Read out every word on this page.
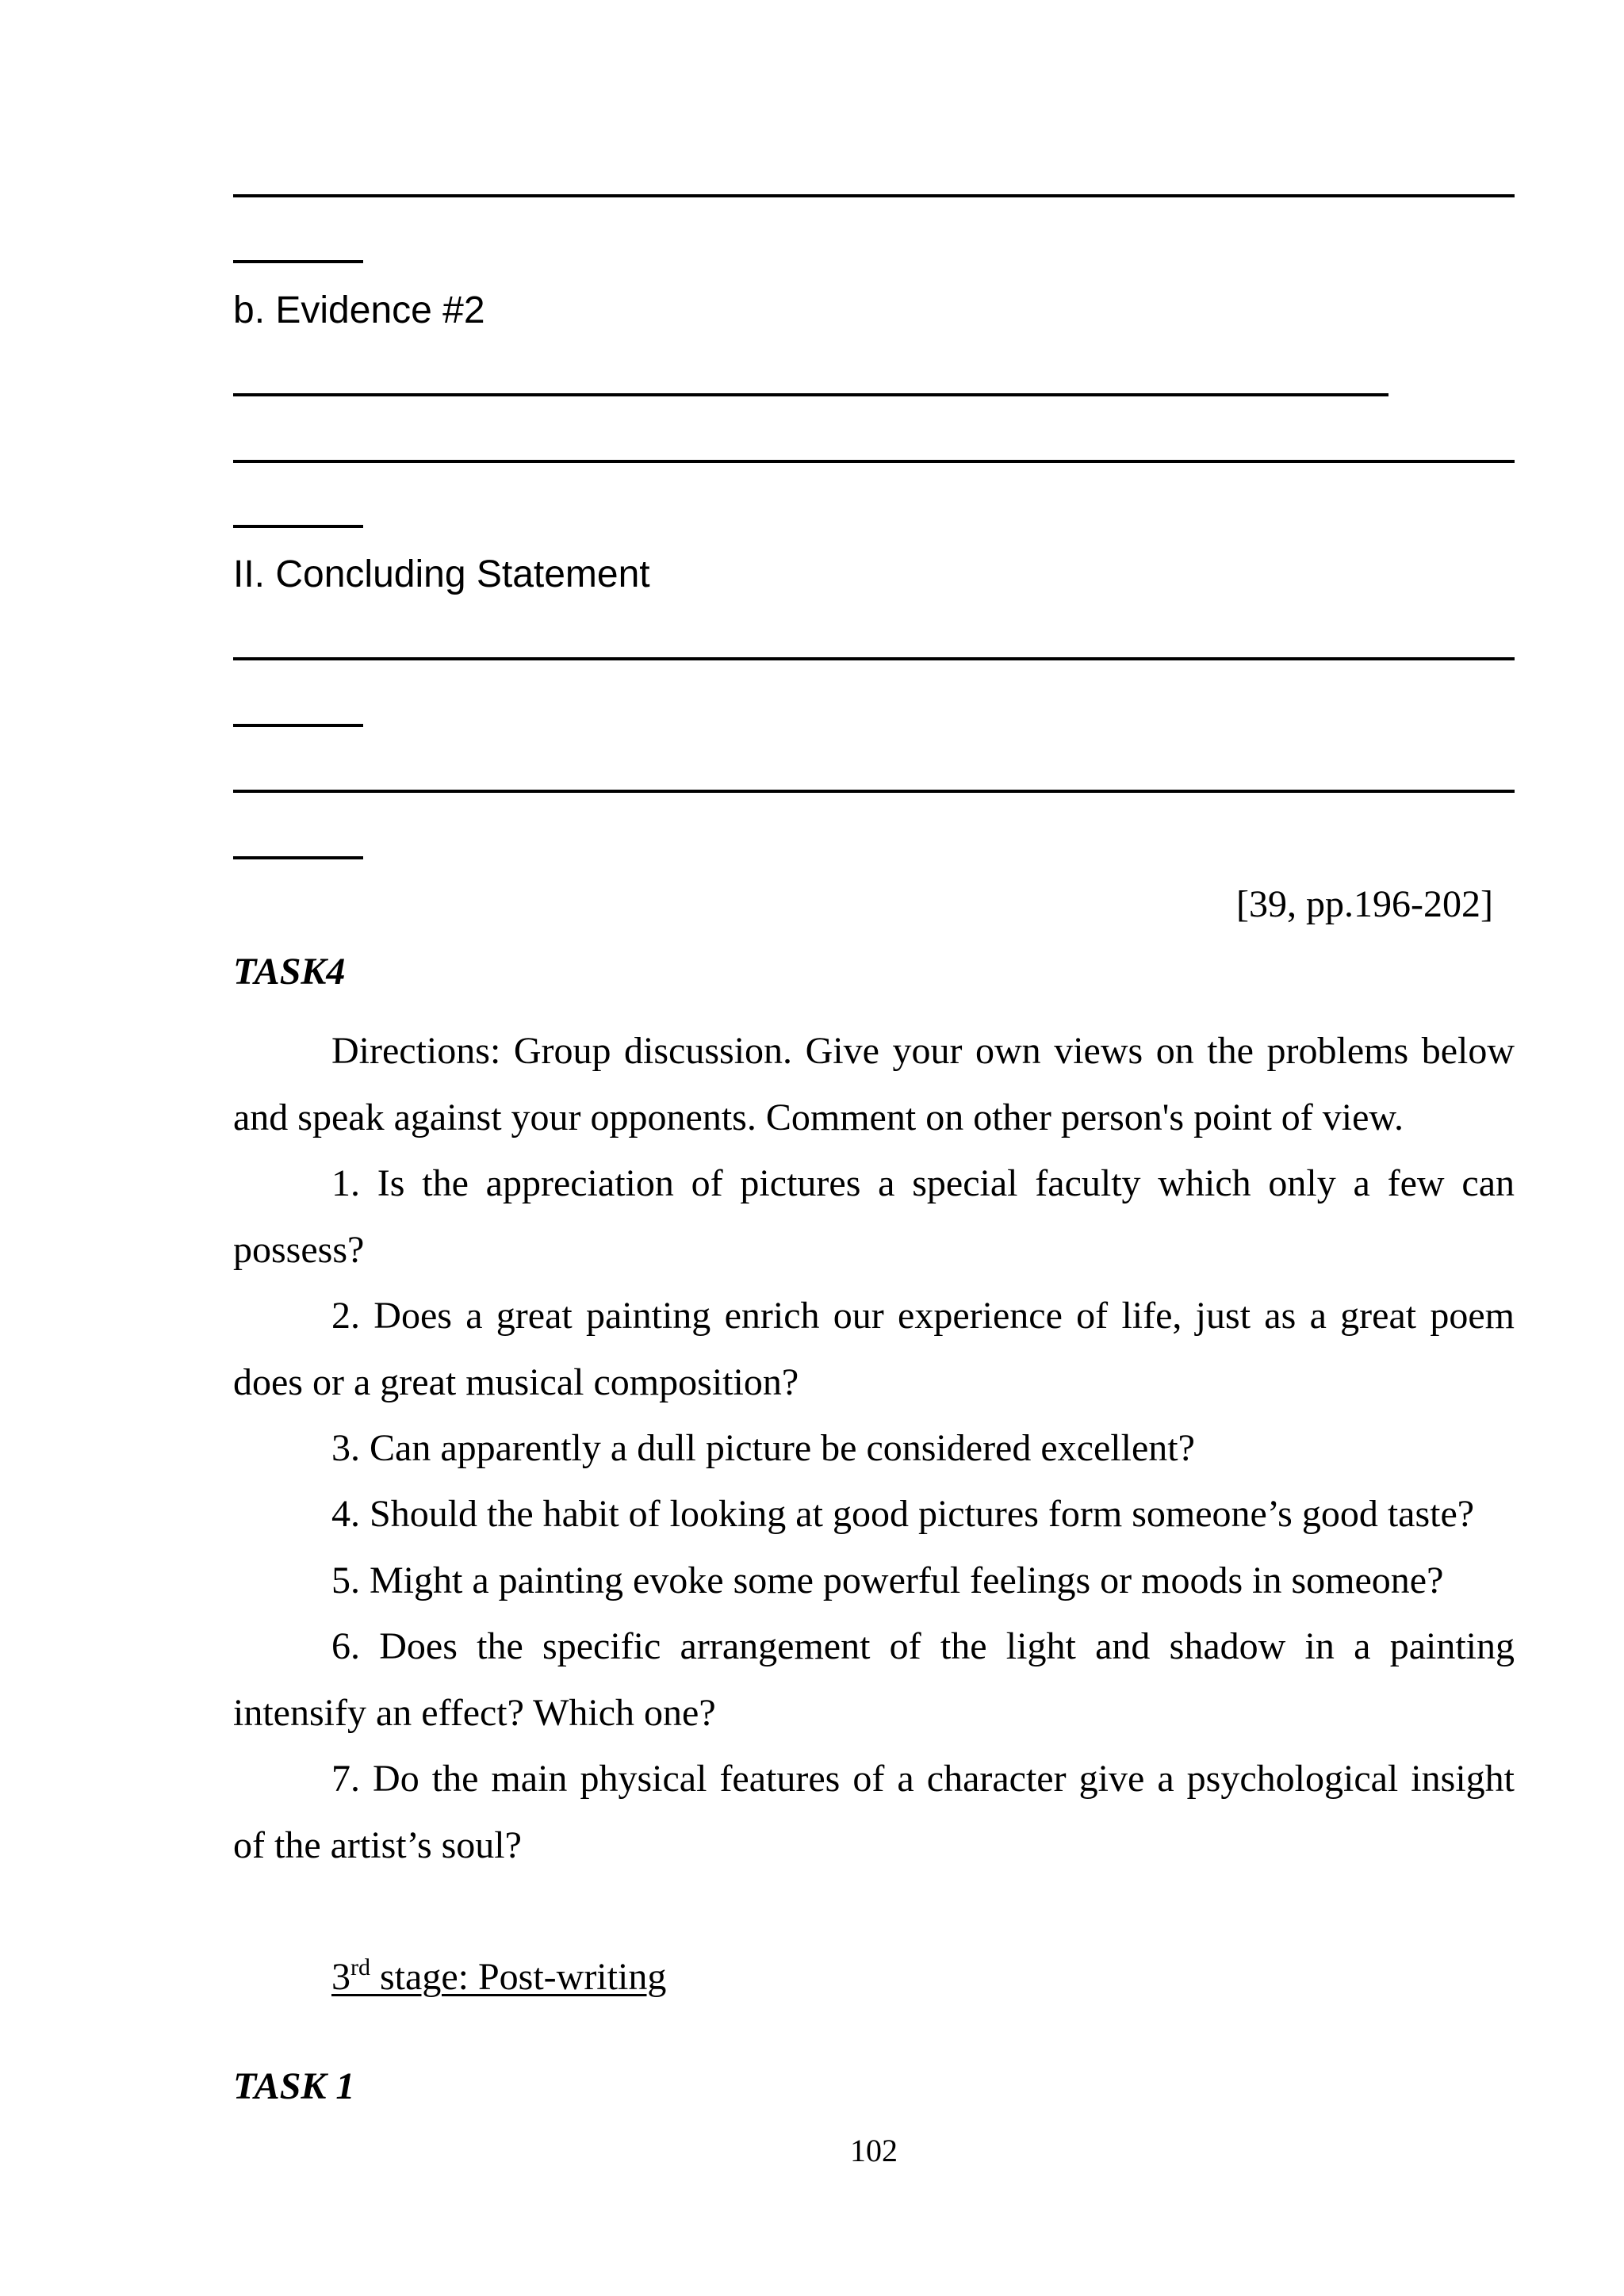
b. Evidence #2
II. Concluding Statement
[39, pp.196-202]
TASK4
Directions: Group discussion. Give your own views on the problems below
and speak against your opponents. Comment on other person's point of view.
1. Is the appreciation of pictures a special faculty which only a few can
possess?
2. Does a great painting enrich our experience of life, just as a great poem
does or a great musical composition?
3. Can apparently a dull picture be considered excellent?
4. Should the habit of looking at good pictures form someone’s good taste?
5. Might a painting evoke some powerful feelings or moods in someone?
6. Does the specific arrangement of the light and shadow in a painting
intensify an effect? Which one?
7. Do the main physical features of a character give a psychological insight
of the artist’s soul?
3rd stage: Post-writing
TASK 1
102
